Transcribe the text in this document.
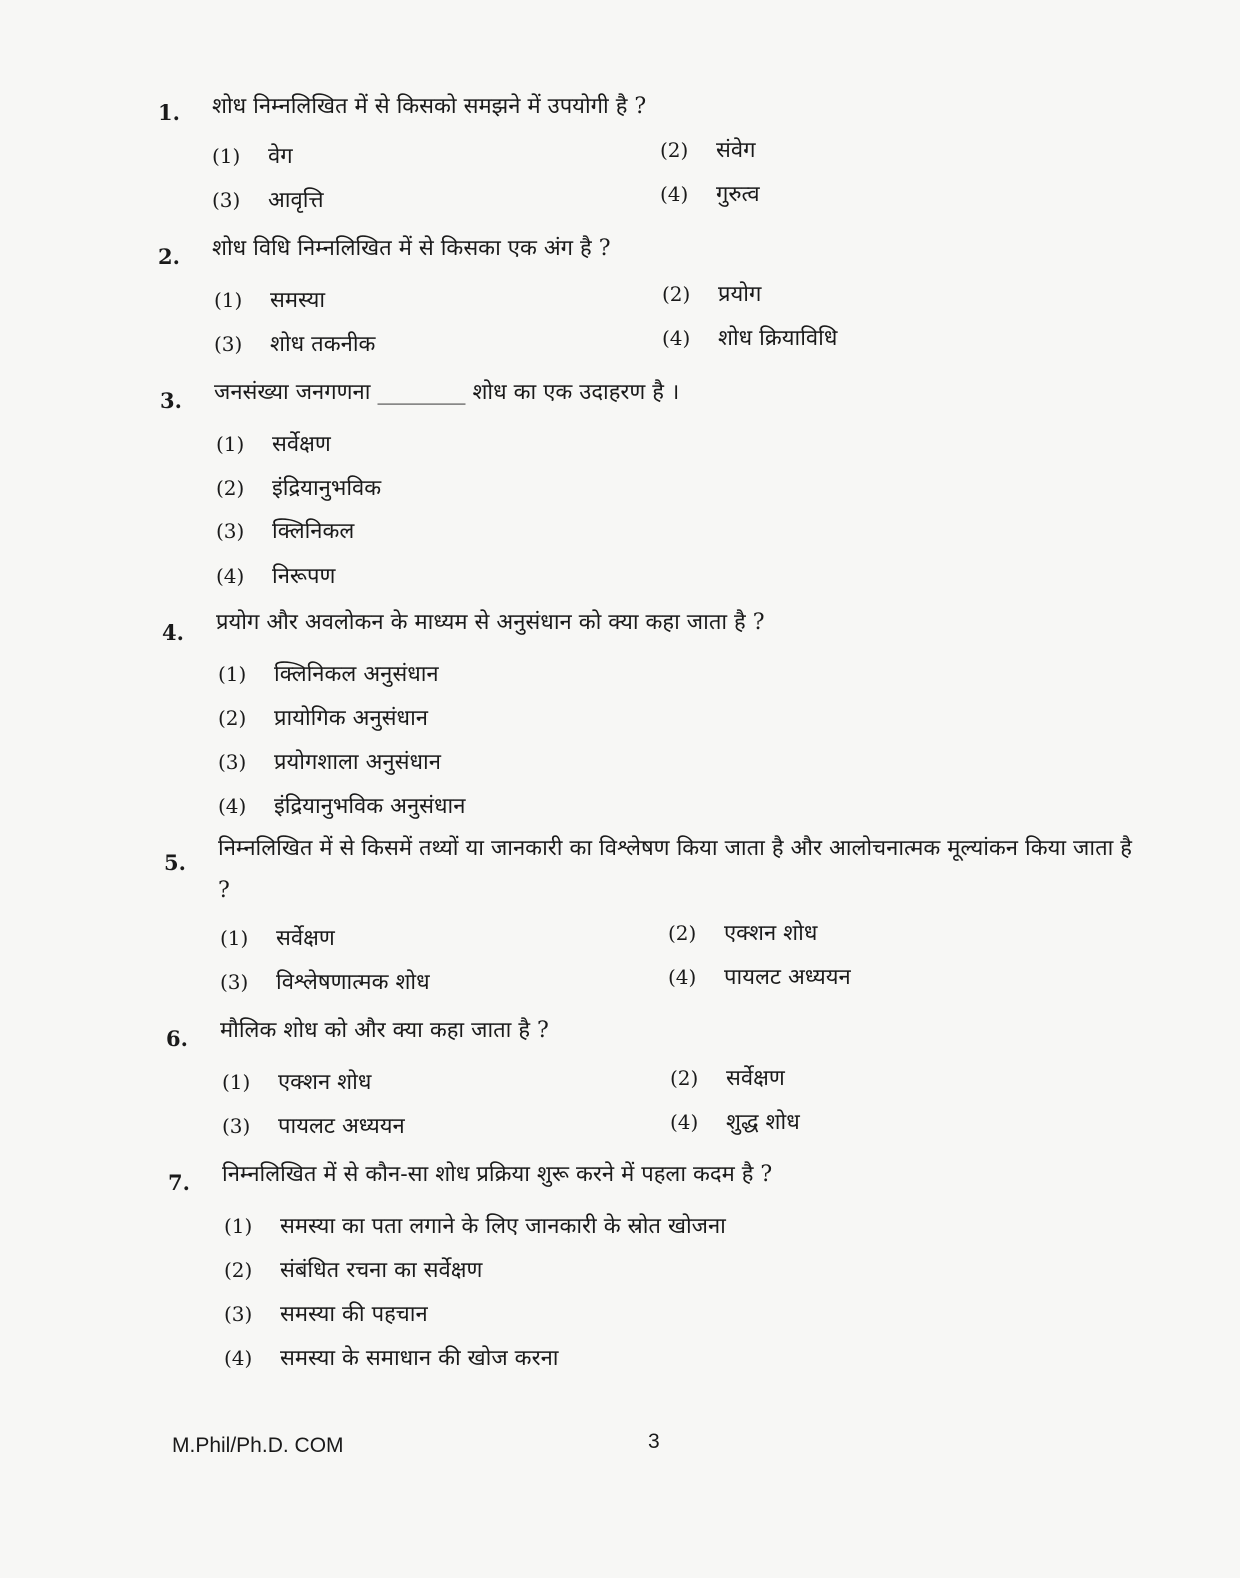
1. शोध निम्नलिखित में से किसको समझने में उपयोगी है ?
(1)	वेग	(2)	संवेग
(3)	आवृत्ति	(4)	गुरुत्व
2. शोध विधि निम्नलिखित में से किसका एक अंग है ?
(1)	समस्या	(2)	प्रयोग
(3)	शोध तकनीक	(4)	शोध क्रियाविधि
3. जनसंख्या जनगणना ________ शोध का एक उदाहरण है ।
(1)	सर्वेक्षण
(2)	इंद्रियानुभविक
(3)	क्लिनिकल
(4)	निरूपण
4. प्रयोग और अवलोकन के माध्यम से अनुसंधान को क्या कहा जाता है ?
(1)	क्लिनिकल अनुसंधान
(2)	प्रायोगिक अनुसंधान
(3)	प्रयोगशाला अनुसंधान
(4)	इंद्रियानुभविक अनुसंधान
5.
निम्नलिखित में से किसमें तथ्यों या जानकारी का विश्लेषण किया जाता है और आलोचनात्मक मूल्यांकन किया जाता है ?
(1)	सर्वेक्षण	(2)	एक्शन शोध
(3)	विश्लेषणात्मक शोध	(4)	पायलट अध्ययन
6. मौलिक शोध को और क्या कहा जाता है ?
(1)	एक्शन शोध	(2)	सर्वेक्षण
(3)	पायलट अध्ययन	(4)	शुद्ध शोध
7. निम्नलिखित में से कौन-सा शोध प्रक्रिया शुरू करने में पहला कदम है ?
(1)	समस्या का पता लगाने के लिए जानकारी के स्रोत खोजना
(2)	संबंधित रचना का सर्वेक्षण
(3)	समस्या की पहचान
(4)	समस्या के समाधान की खोज करना
M.Phil/Ph.D. COM	3
